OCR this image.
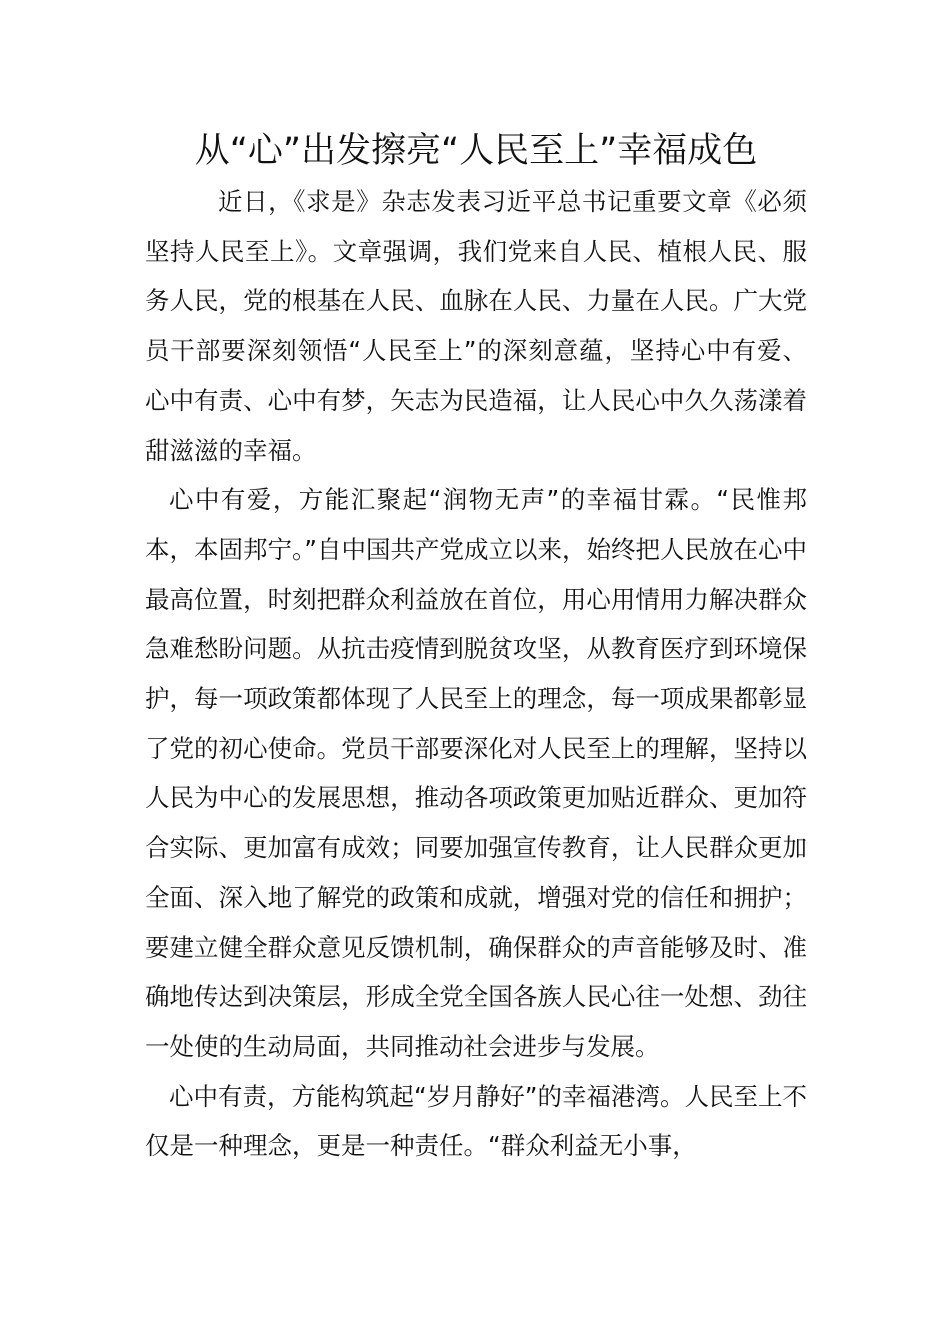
从“心”出发擦亮“人民至上”幸福成色

近日，《求是》杂志发表习近平总书记重要文章《必须坚持人民至上》。文章强调，我们党来自人民、植根人民、服务人民，党的根基在人民、血脉在人民、力量在人民。广大党员干部要深刻领悟“人民至上”的深刻意蕴，坚持心中有爱、心中有责、心中有梦，矢志为民造福，让人民心中久久荡漾着甜滋滋的幸福。

心中有爱，方能汇聚起“润物无声”的幸福甘霖。“民惟邦本，本固邦宁。”自中国共产党成立以来，始终把人民放在心中最高位置，时刻把群众利益放在首位，用心用情用力解决群众急难愁盼问题。从抗击疫情到脱贫攻坚，从教育医疗到环境保护，每一项政策都体现了人民至上的理念，每一项成果都彰显了党的初心使命。党员干部要深化对人民至上的理解，坚持以人民为中心的发展思想，推动各项政策更加贴近群众、更加符合实际、更加富有成效；同要加强宣传教育，让人民群众更加全面、深入地了解党的政策和成就，增强对党的信任和拥护；要建立健全群众意见反馈机制，确保群众的声音能够及时、准确地传达到决策层，形成全党全国各族人民心往一处想、劲往一处使的生动局面，共同推动社会进步与发展。

心中有责，方能构筑起“岁月静好”的幸福港湾。人民至上不仅是一种理念，更是一种责任。“群众利益无小事，
